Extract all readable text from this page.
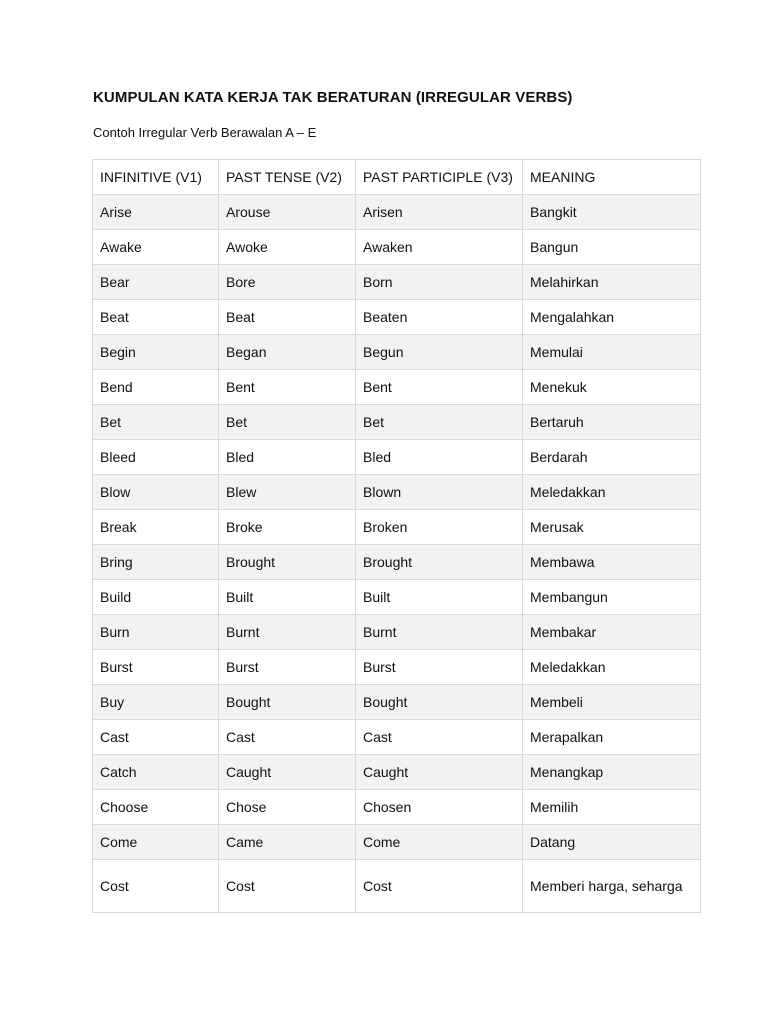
KUMPULAN KATA KERJA TAK BERATURAN (IRREGULAR VERBS)
Contoh Irregular Verb Berawalan A – E
INFINITIVE (V1)	PAST TENSE (V2)	PAST PARTICIPLE (V3)	MEANING
Arise	Arouse	Arisen	Bangkit
Awake	Awoke	Awaken	Bangun
Bear	Bore	Born	Melahirkan
Beat	Beat	Beaten	Mengalahkan
Begin	Began	Begun	Memulai
Bend	Bent	Bent	Menekuk
Bet	Bet	Bet	Bertaruh
Bleed	Bled	Bled	Berdarah
Blow	Blew	Blown	Meledakkan
Break	Broke	Broken	Merusak
Bring	Brought	Brought	Membawa
Build	Built	Built	Membangun
Burn	Burnt	Burnt	Membakar
Burst	Burst	Burst	Meledakkan
Buy	Bought	Bought	Membeli
Cast	Cast	Cast	Merapalkan
Catch	Caught	Caught	Menangkap
Choose	Chose	Chosen	Memilih
Come	Came	Come	Datang
Cost	Cost	Cost	Memberi harga, seharga
